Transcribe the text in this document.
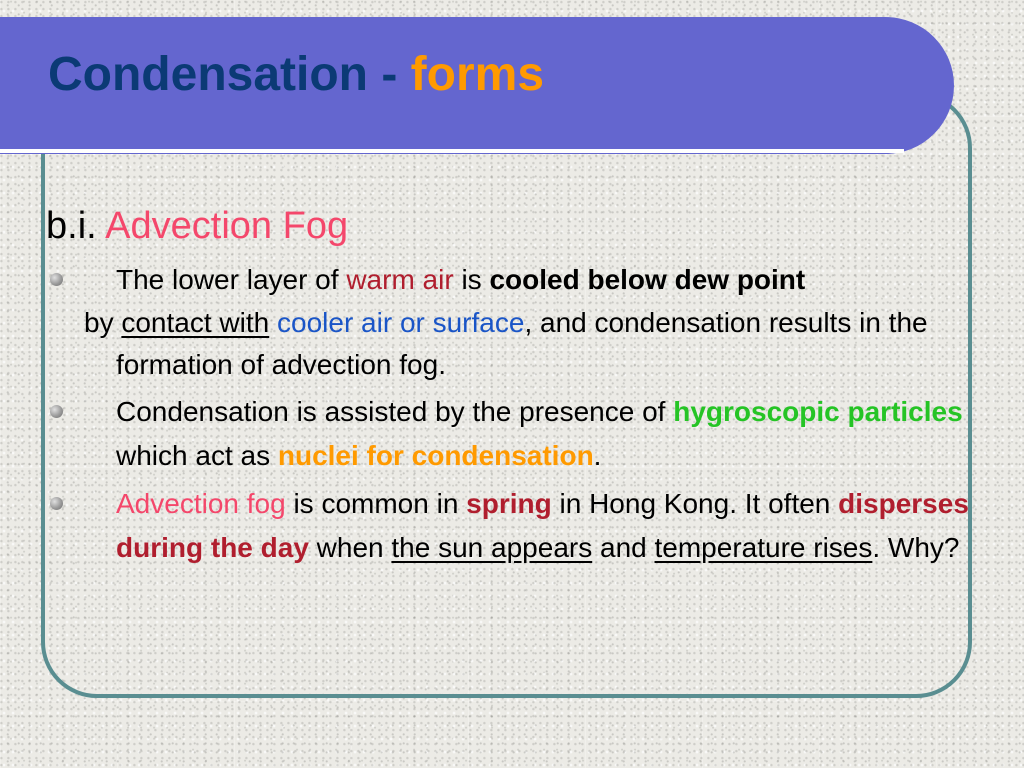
Condensation - forms
b.i. Advection Fog
The lower layer of warm air is cooled below dew point
by contact with cooler air or surface, and condensation results in the formation of advection fog.
Condensation is assisted by the presence of hygroscopic particles which act as nuclei for condensation.
Advection fog is common in spring in Hong Kong. It often disperses during the day when the sun appears and temperature rises. Why?
